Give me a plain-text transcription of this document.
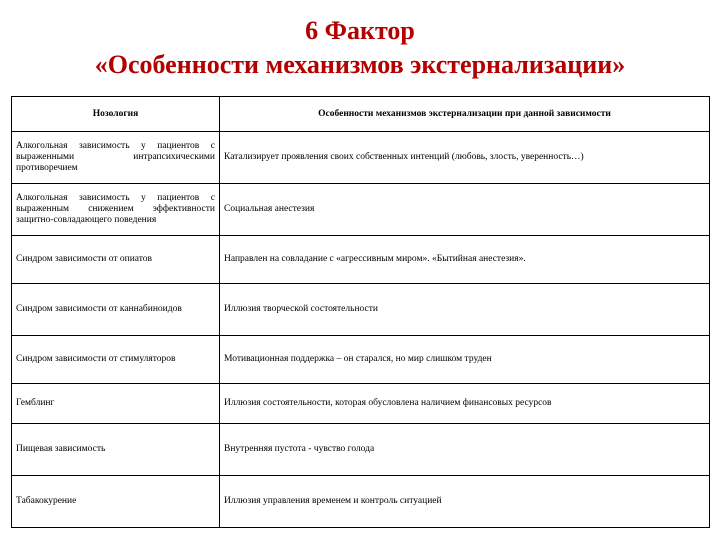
6 Фактор
«Особенности механизмов экстернализации»
Нозология	Особенности механизмов экстернализации при данной зависимости
Алкогольная зависимость у пациентов с выраженными интрапсихическими противоречием	Катализирует проявления своих собственных интенций (любовь, злость, уверенность…)
Алкогольная зависимость у пациентов с выраженным снижением эффективности защитно-совладающего поведения	Социальная анестезия
Синдром зависимости от опиатов	Направлен на совладание с «агрессивным миром». «Бытийная анестезия».
Синдром зависимости от каннабиноидов	Иллюзия творческой состоятельности
Синдром зависимости от стимуляторов	Мотивационная поддержка – он старался, но мир слишком труден
Гемблинг	Иллюзия состоятельности, которая обусловлена наличием финансовых ресурсов
Пищевая зависимость	Внутренняя пустота - чувство голода
Табакокурение	Иллюзия управления временем и контроль ситуацией
